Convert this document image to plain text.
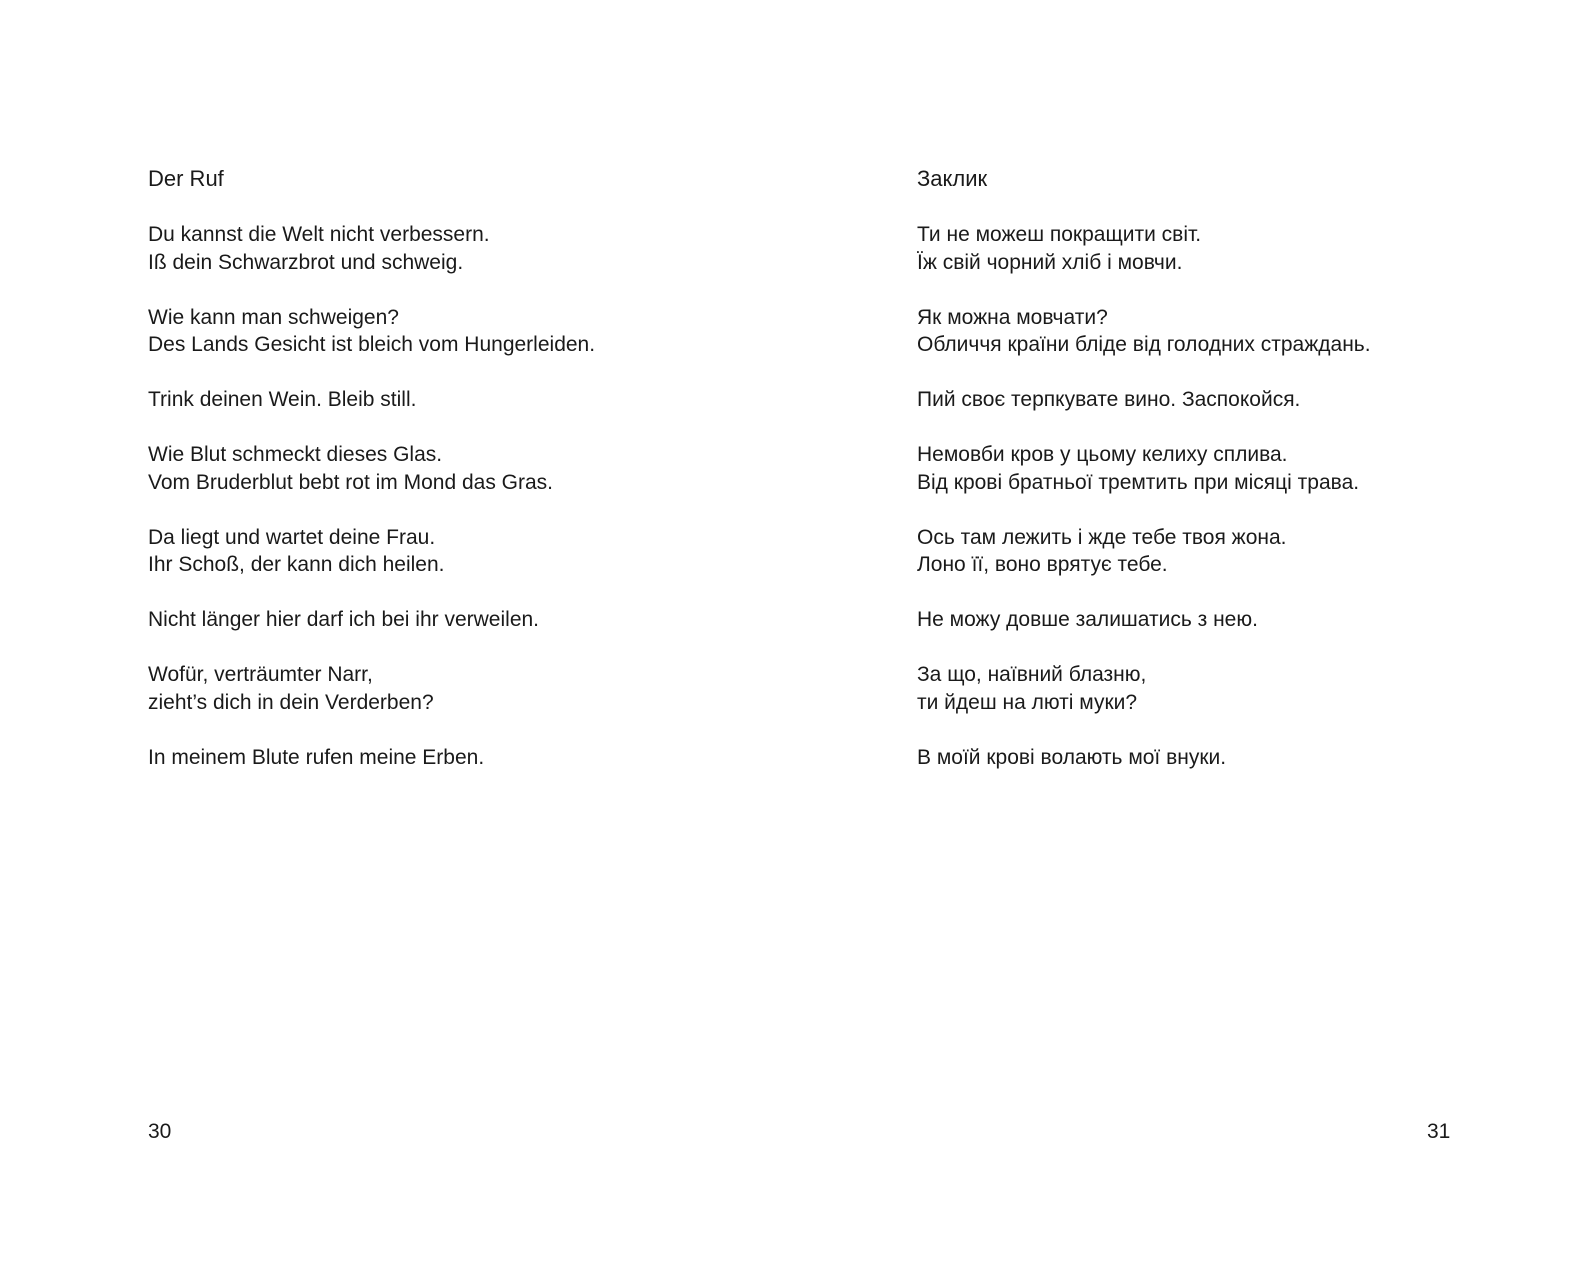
Der Ruf
Du kannst die Welt nicht verbessern.
Iß dein Schwarzbrot und schweig.
Wie kann man schweigen?
Des Lands Gesicht ist bleich vom Hungerleiden.
Trink deinen Wein. Bleib still.
Wie Blut schmeckt dieses Glas.
Vom Bruderblut bebt rot im Mond das Gras.
Da liegt und wartet deine Frau.
Ihr Schoß, der kann dich heilen.
Nicht länger hier darf ich bei ihr verweilen.
Wofür, verträumter Narr,
zieht’s dich in dein Verderben?
In meinem Blute rufen meine Erben.
30
Заклик
Ти не можеш покращити світ.
Їж свій чорний хліб і мовчи.
Як можна мовчати?
Обличчя країни бліде від голодних страждань.
Пий своє терпкувате вино. Заспокойся.
Немовби кров у цьому келиху сплива.
Від крові братньої тремтить при місяці трава.
Ось там лежить і жде тебе твоя жона.
Лоно її, воно врятує тебе.
Не можу довше залишатись з нею.
За що, наївний блазню,
ти йдеш на люті муки?
В моїй крові волають мої внуки.
31
